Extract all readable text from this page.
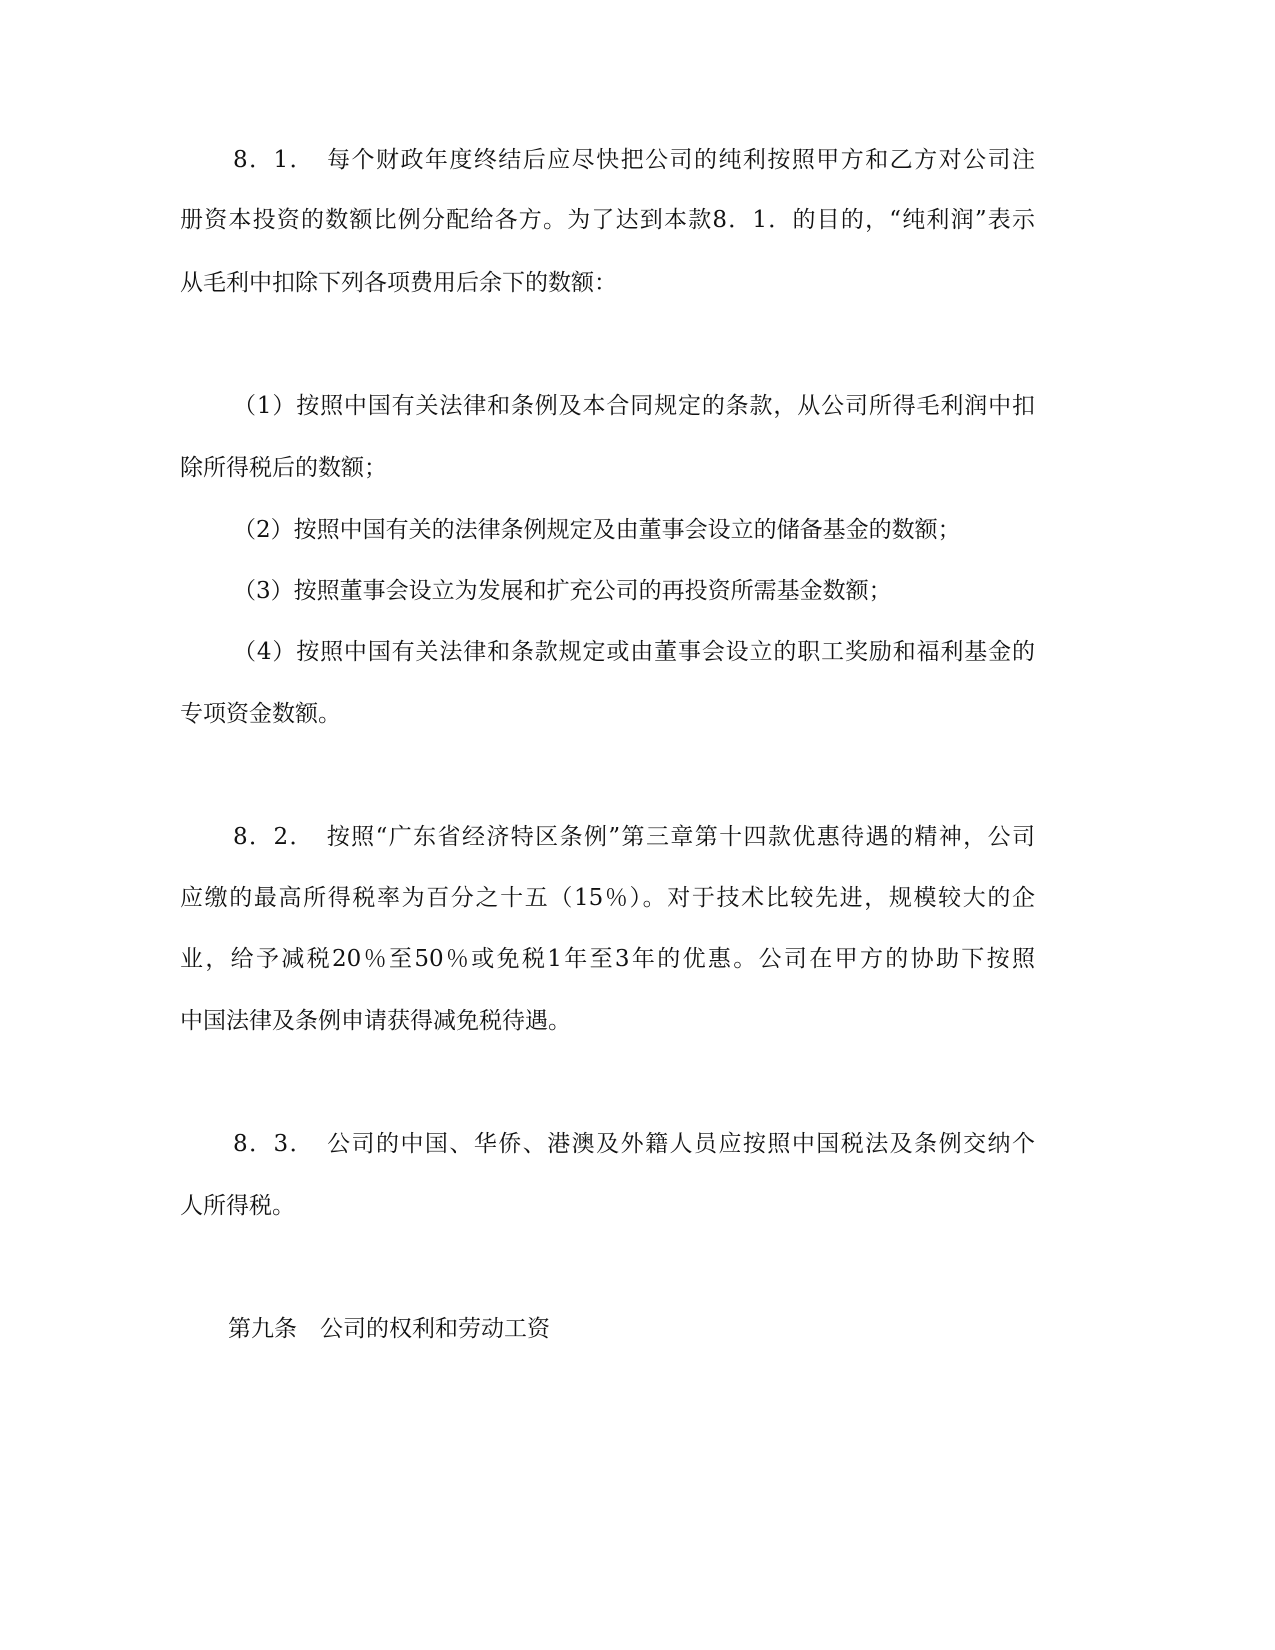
8．1．　每个财政年度终结后应尽快把公司的纯利按照甲方和乙方对公司注
册资本投资的数额比例分配给各方。为了达到本款8．1．的目的，“纯利润”表示
从毛利中扣除下列各项费用后余下的数额：
（1）按照中国有关法律和条例及本合同规定的条款，从公司所得毛利润中扣
除所得税后的数额；
（2）按照中国有关的法律条例规定及由董事会设立的储备基金的数额；
（3）按照董事会设立为发展和扩充公司的再投资所需基金数额；
（4）按照中国有关法律和条款规定或由董事会设立的职工奖励和福利基金的
专项资金数额。
8．2．　按照“广东省经济特区条例”第三章第十四款优惠待遇的精神，公司
应缴的最高所得税率为百分之十五（15％）。对于技术比较先进，规模较大的企
业，给予减税20％至50％或免税1年至3年的优惠。公司在甲方的协助下按照
中国法律及条例申请获得减免税待遇。
8．3．　公司的中国、华侨、港澳及外籍人员应按照中国税法及条例交纳个
人所得税。
第九条　公司的权利和劳动工资
